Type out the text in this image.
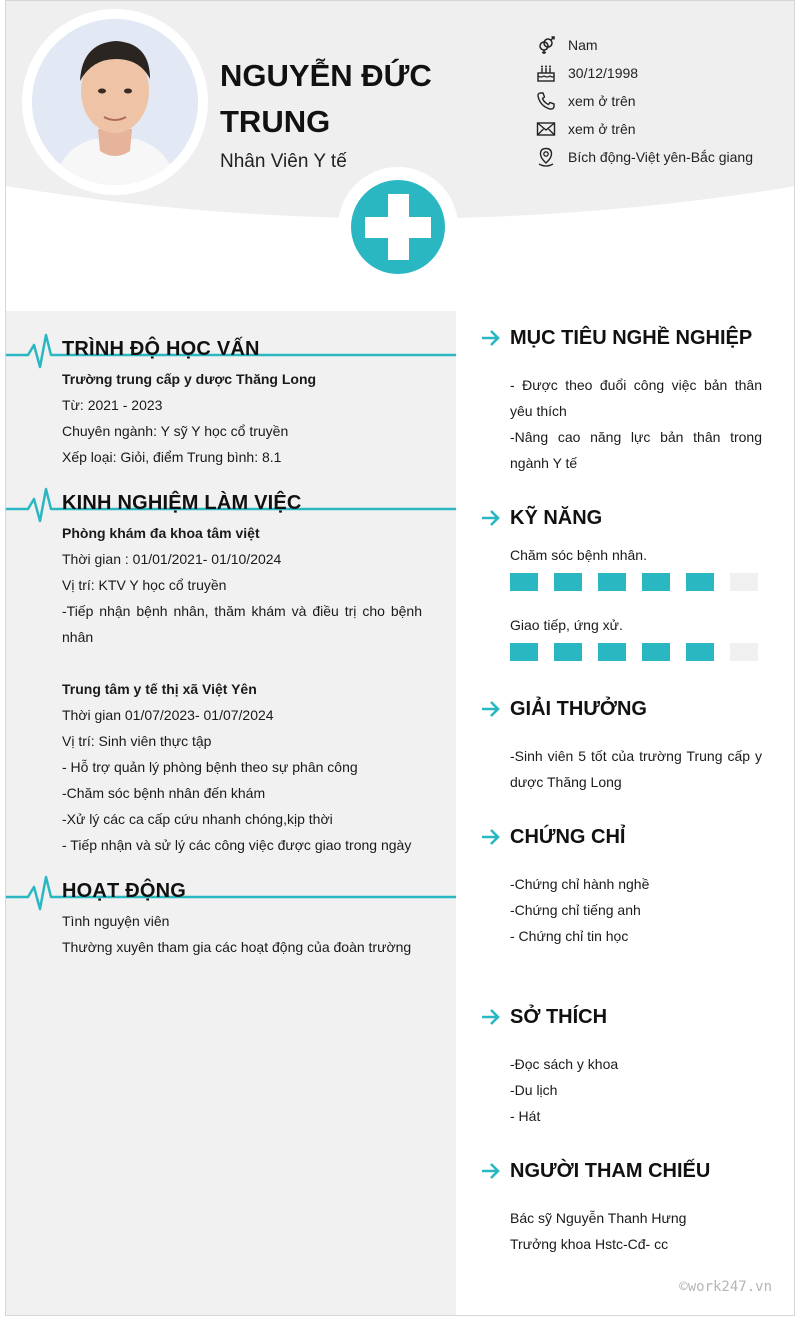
NGUYỄN ĐỨC TRUNG
Nhân Viên Y tế
Nam
30/12/1998
xem ở trên
xem ở trên
Bích động-Việt yên-Bắc giang
TRÌNH ĐỘ HỌC VẤN
Trường trung cấp y dược Thăng Long
Từ: 2021 - 2023
Chuyên ngành: Y sỹ Y học cổ truyền
Xếp loại: Giỏi, điểm Trung bình: 8.1
KINH NGHIỆM LÀM VIỆC
Phòng khám đa khoa tâm việt
Thời gian : 01/01/2021- 01/10/2024
Vị trí: KTV Y học cổ truyền
-Tiếp nhận bệnh nhân, thăm khám và điều trị cho bệnh nhân
Trung tâm y tế thị xã Việt Yên
Thời gian 01/07/2023- 01/07/2024
Vị trí: Sinh viên thực tập
- Hỗ trợ quản lý phòng bệnh theo sự phân công
-Chăm sóc bệnh nhân đến khám
-Xử lý các ca cấp cứu nhanh chóng,kịp thời
- Tiếp nhận và sử lý các công việc được giao trong ngày
HOẠT ĐỘNG
Tình nguyện viên
Thường xuyên tham gia các hoạt động của đoàn trường
MỤC TIÊU NGHỀ NGHIỆP
- Được theo đuổi công việc bản thân yêu thích
-Nâng cao năng lực bản thân trong ngành Y tế
KỸ NĂNG
Chăm sóc bệnh nhân.
Giao tiếp, ứng xử.
GIẢI THƯỞNG
-Sinh viên 5 tốt của trường Trung cấp y dược Thăng Long
CHỨNG CHỈ
-Chứng chỉ hành nghề
-Chứng chỉ tiếng anh
- Chứng chỉ tin học
SỞ THÍCH
-Đọc sách y khoa
-Du lịch
- Hát
NGƯỜI THAM CHIẾU
Bác sỹ Nguyễn Thanh Hưng
Trưởng khoa Hstc-Cđ- cc
©work247.vn
